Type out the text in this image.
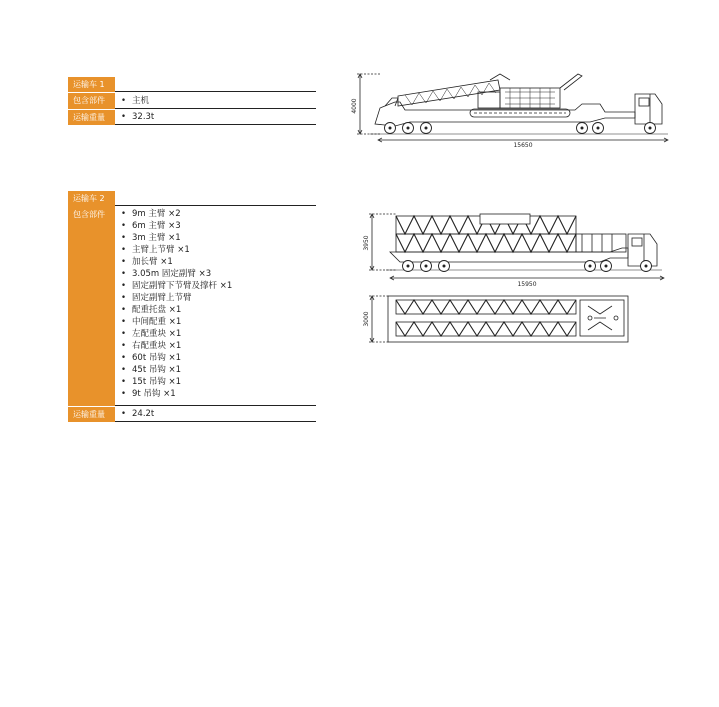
运输车 1
包含部件	• 主机
运输重量	• 32.3t
运输车 2
包含部件	• 9m 主臂 ×2
• 6m 主臂 ×3
• 3m 主臂 ×1
• 主臂上节臂 ×1
• 加长臂 ×1
• 3.05m 固定副臂 ×3
• 固定副臂下节臂及撑杆 ×1
• 固定副臂上节臂
• 配重托盘 ×1
• 中间配重 ×1
• 左配重块 ×1
• 右配重块 ×1
• 60t 吊钩 ×1
• 45t 吊钩 ×1
• 15t 吊钩 ×1
• 9t 吊钩 ×1
运输重量	• 24.2t
4000
15650
3950
15950
3000
